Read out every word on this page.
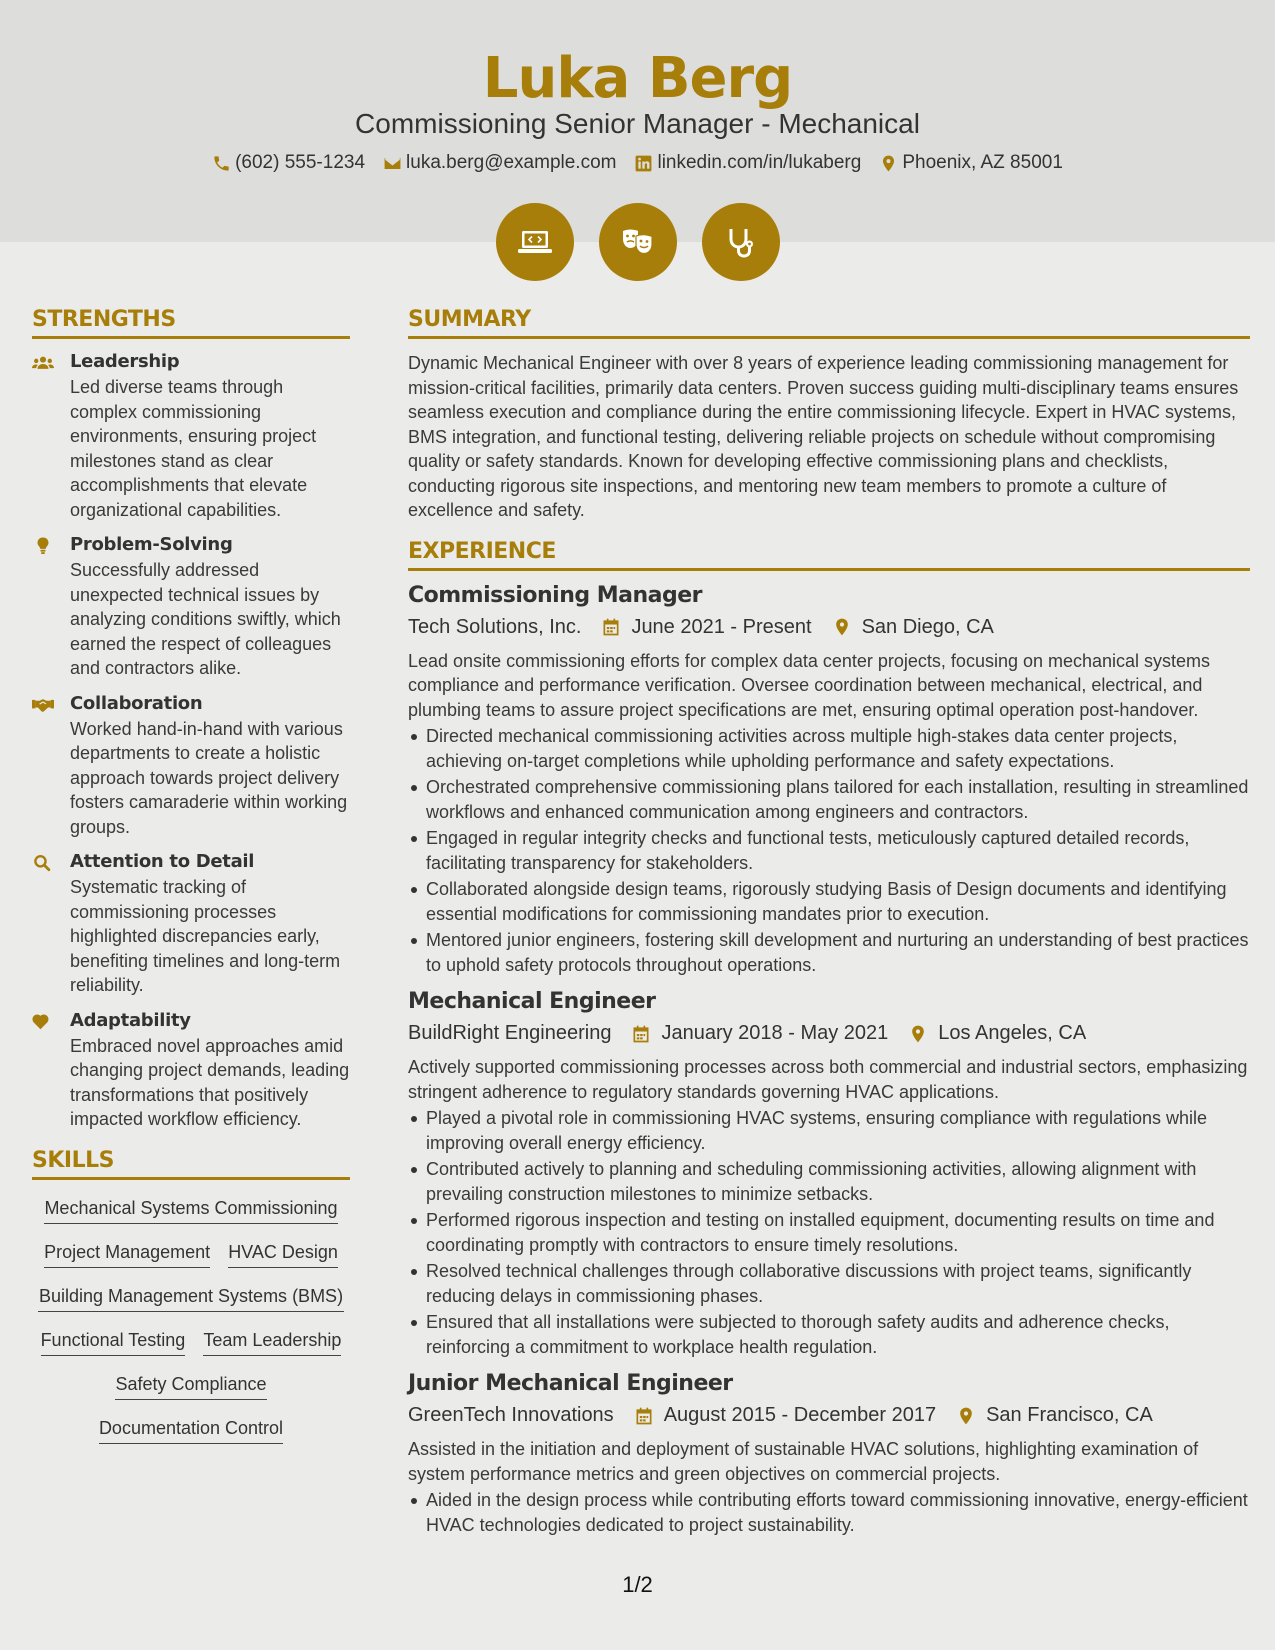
Luka Berg
Commissioning Senior Manager - Mechanical
(602) 555-1234 luka.berg@example.com linkedin.com/in/lukaberg Phoenix, AZ 85001
STRENGTHS
Leadership
Led diverse teams through complex commissioning environments, ensuring project milestones stand as clear accomplishments that elevate organizational capabilities.
Problem-Solving
Successfully addressed unexpected technical issues by analyzing conditions swiftly, which earned the respect of colleagues and contractors alike.
Collaboration
Worked hand-in-hand with various departments to create a holistic approach towards project delivery fosters camaraderie within working groups.
Attention to Detail
Systematic tracking of commissioning processes highlighted discrepancies early, benefiting timelines and long-term reliability.
Adaptability
Embraced novel approaches amid changing project demands, leading transformations that positively impacted workflow efficiency.
SKILLS
Mechanical Systems Commissioning
Project Management HVAC Design
Building Management Systems (BMS)
Functional Testing Team Leadership
Safety Compliance
Documentation Control
SUMMARY
Dynamic Mechanical Engineer with over 8 years of experience leading commissioning management for mission-critical facilities, primarily data centers. Proven success guiding multi-disciplinary teams ensures seamless execution and compliance during the entire commissioning lifecycle. Expert in HVAC systems, BMS integration, and functional testing, delivering reliable projects on schedule without compromising quality or safety standards. Known for developing effective commissioning plans and checklists, conducting rigorous site inspections, and mentoring new team members to promote a culture of excellence and safety.
EXPERIENCE
Commissioning Manager
Tech Solutions, Inc.	June 2021 - Present	San Diego, CA
Lead onsite commissioning efforts for complex data center projects, focusing on mechanical systems compliance and performance verification. Oversee coordination between mechanical, electrical, and plumbing teams to assure project specifications are met, ensuring optimal operation post-handover.
Directed mechanical commissioning activities across multiple high-stakes data center projects, achieving on-target completions while upholding performance and safety expectations.
Orchestrated comprehensive commissioning plans tailored for each installation, resulting in streamlined workflows and enhanced communication among engineers and contractors.
Engaged in regular integrity checks and functional tests, meticulously captured detailed records, facilitating transparency for stakeholders.
Collaborated alongside design teams, rigorously studying Basis of Design documents and identifying essential modifications for commissioning mandates prior to execution.
Mentored junior engineers, fostering skill development and nurturing an understanding of best practices to uphold safety protocols throughout operations.
Mechanical Engineer
BuildRight Engineering	January 2018 - May 2021	Los Angeles, CA
Actively supported commissioning processes across both commercial and industrial sectors, emphasizing stringent adherence to regulatory standards governing HVAC applications.
Played a pivotal role in commissioning HVAC systems, ensuring compliance with regulations while improving overall energy efficiency.
Contributed actively to planning and scheduling commissioning activities, allowing alignment with prevailing construction milestones to minimize setbacks.
Performed rigorous inspection and testing on installed equipment, documenting results on time and coordinating promptly with contractors to ensure timely resolutions.
Resolved technical challenges through collaborative discussions with project teams, significantly reducing delays in commissioning phases.
Ensured that all installations were subjected to thorough safety audits and adherence checks, reinforcing a commitment to workplace health regulation.
Junior Mechanical Engineer
GreenTech Innovations	August 2015 - December 2017	San Francisco, CA
Assisted in the initiation and deployment of sustainable HVAC solutions, highlighting examination of system performance metrics and green objectives on commercial projects.
Aided in the design process while contributing efforts toward commissioning innovative, energy-efficient HVAC technologies dedicated to project sustainability.
1/2
